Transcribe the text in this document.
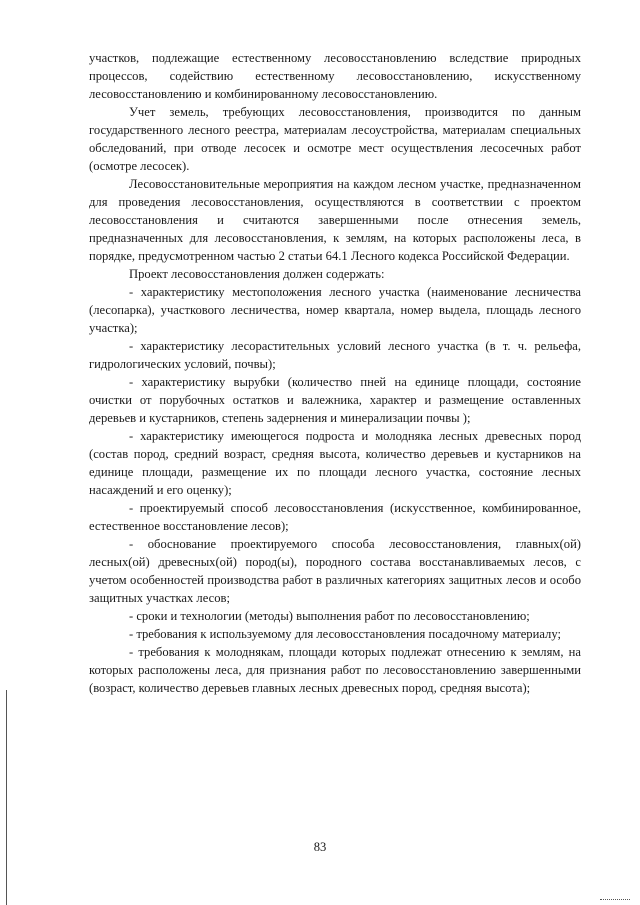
участков, подлежащие естественному лесовосстановлению вследствие природных процессов, содействию естественному лесовосстановлению, искусственному лесовосстановлению и комбинированному лесовосстановлению.

Учет земель, требующих лесовосстановления, производится по данным государственного лесного реестра, материалам лесоустройства, материалам специальных обследований, при отводе лесосек и осмотре мест осуществления лесосечных работ (осмотре лесосек).

Лесовосстановительные мероприятия на каждом лесном участке, предназначенном для проведения лесовосстановления, осуществляются в соответствии с проектом лесовосстановления и считаются завершенными после отнесения земель, предназначенных для лесовосстановления, к землям, на которых расположены леса, в порядке, предусмотренном частью 2 статьи 64.1 Лесного кодекса Российской Федерации.

Проект лесовосстановления должен содержать:

- характеристику местоположения лесного участка (наименование лесничества (лесопарка), участкового лесничества, номер квартала, номер выдела, площадь лесного участка);

- характеристику лесорастительных условий лесного участка (в т. ч. рельефа, гидрологических условий, почвы);

- характеристику вырубки (количество пней на единице площади, состояние очистки от порубочных остатков и валежника, характер и размещение оставленных деревьев и кустарников, степень задернения и минерализации почвы );

- характеристику имеющегося подроста и молодняка лесных древесных пород (состав пород, средний возраст, средняя высота, количество деревьев и кустарников на единице площади, размещение их по площади лесного участка, состояние лесных насаждений и его оценку);

- проектируемый способ лесовосстановления (искусственное, комбинированное, естественное восстановление лесов);

- обоснование проектируемого способа лесовосстановления, главных(ой) лесных(ой) древесных(ой) пород(ы), породного состава восстанавливаемых лесов, с учетом особенностей производства работ в различных категориях защитных лесов и особо защитных участках лесов;

- сроки и технологии (методы) выполнения работ по лесовосстановлению;

- требования к используемому для лесовосстановления посадочному материалу;

- требования к молоднякам, площади которых подлежат отнесению к землям, на которых расположены леса, для признания работ по лесовосстановлению завершенными (возраст, количество деревьев главных лесных древесных пород, средняя высота);

83
